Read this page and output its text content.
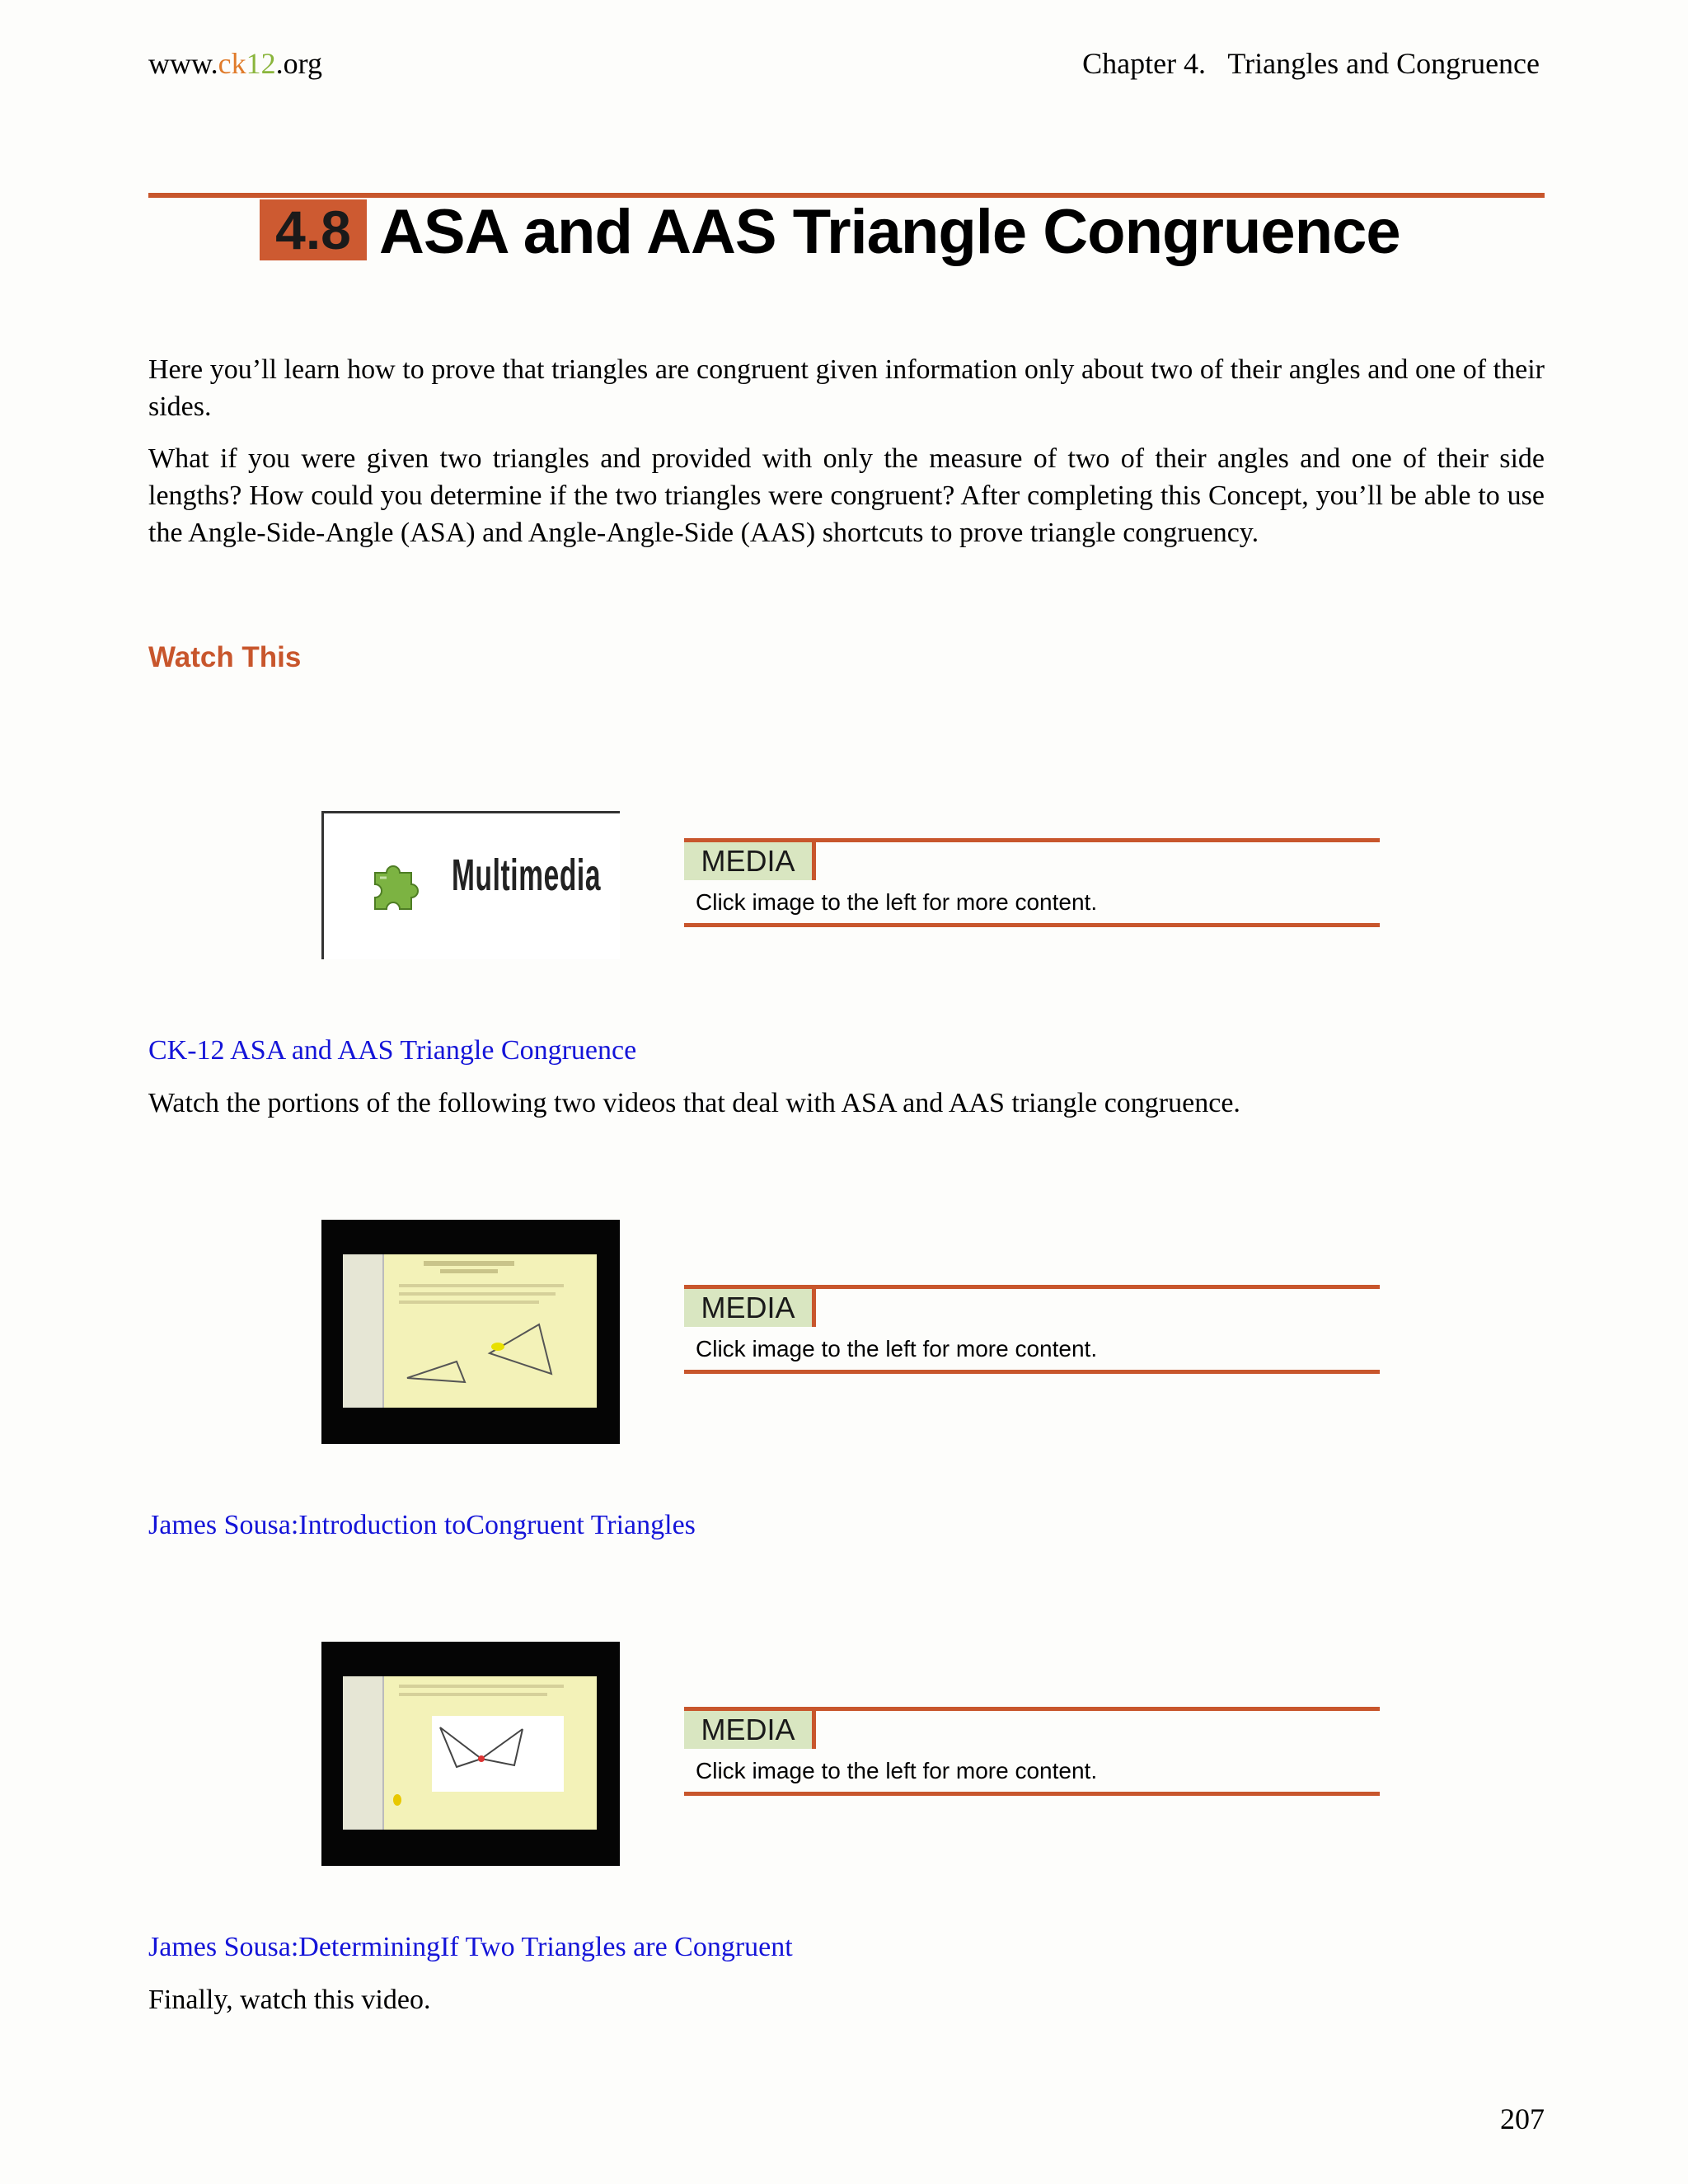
www.ck12.org	Chapter 4.   Triangles and Congruence
4.8 ASA and AAS Triangle Congruence
Here you’ll learn how to prove that triangles are congruent given information only about two of their angles and one of their sides.
What if you were given two triangles and provided with only the measure of two of their angles and one of their side lengths? How could you determine if the two triangles were congruent? After completing this Concept, you’ll be able to use the Angle-Side-Angle (ASA) and Angle-Angle-Side (AAS) shortcuts to prove triangle congruency.
Watch This
Multimedia	MEDIA
Click image to the left for more content.
CK-12 ASA and AAS Triangle Congruence
Watch the portions of the following two videos that deal with ASA and AAS triangle congruence.
MEDIA
Click image to the left for more content.
James Sousa:Introduction toCongruent Triangles
MEDIA
Click image to the left for more content.
James Sousa:DeterminingIf Two Triangles are Congruent
Finally, watch this video.
207
